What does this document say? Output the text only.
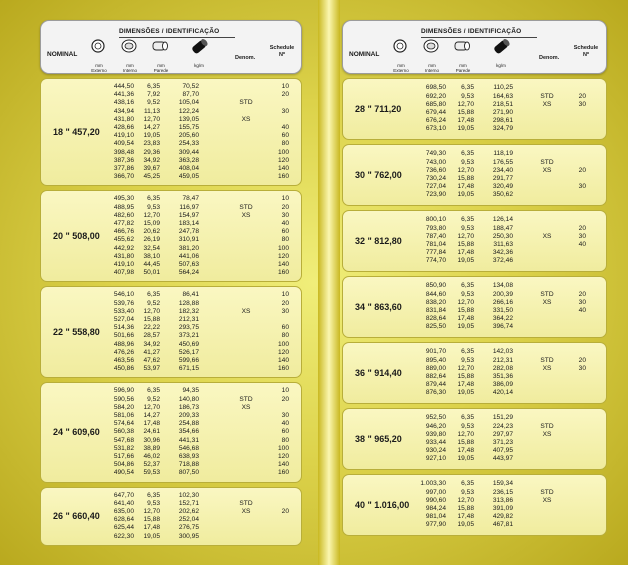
NOMINAL
DIMENSÕES / IDENTIFICAÇÃO
mm
Externo
mm
Interno
mm
Parede
kg/m
Denom.
Schedule
Nº
18 " 457,20
444,50
441,36
438,16
434,94
431,80
428,66
419,10
409,54
398,48
387,36
377,86
366,70
6,35
7,92
9,52
11,13
12,70
14,27
19,05
23,83
29,36
34,92
39,67
45,25
70,52
87,70
105,04
122,24
139,05
155,75
205,60
254,33
309,44
363,28
408,04
459,05
STD
XS
10
20
30
40
60
80
100
120
140
160
20 " 508,00
495,30
488,95
482,60
477,82
466,76
455,62
442,92
431,80
419,10
407,98
6,35
9,53
12,70
15,09
20,62
26,19
32,54
38,10
44,45
50,01
78,47
116,97
154,97
183,14
247,78
310,91
381,20
441,06
507,63
564,24
STD
XS
10
20
30
40
60
80
100
120
140
160
22 " 558,80
546,10
539,76
533,40
527,04
514,36
501,66
488,96
476,26
463,56
450,86
6,35
9,52
12,70
15,88
22,22
28,57
34,92
41,27
47,62
53,97
86,41
128,88
182,32
212,31
293,75
373,21
450,69
526,17
599,66
671,15
XS
10
20
30
60
80
100
120
140
160
24 " 609,60
596,90
590,56
584,20
581,06
574,64
560,38
547,68
531,82
517,66
504,86
490,54
6,35
9,52
12,70
14,27
17,48
24,61
30,96
38,89
46,02
52,37
59,53
94,35
140,80
186,73
209,33
254,88
354,66
441,31
546,68
638,93
718,88
807,50
STD
XS
10
20
30
40
60
80
100
120
140
160
26 " 660,40
647,70
641,40
635,00
628,64
625,44
622,30
6,35
9,53
12,70
15,88
17,48
19,05
102,30
152,71
202,62
252,04
276,75
300,95
STD
XS	20
NOMINAL
DIMENSÕES / IDENTIFICAÇÃO
mm
Externo
mm
Interno
mm
Parede
kg/m
Denom.
Schedule
Nº
28 " 711,20
698,50
692,20
685,80
679,44
676,24
673,10
6,35
9,53
12,70
15,88
17,48
19,05
110,25
164,63
218,51
271,90
298,61
324,79
STD
XS
20
30
30 " 762,00
749,30
743,00
736,60
730,24
727,04
723,90
6,35
9,53
12,70
15,88
17,48
19,05
118,19
176,55
234,40
291,77
320,49
350,62
STD
XS	20
30
32 " 812,80
800,10
793,80
787,40
781,04
777,84
774,70
6,35
9,53
12,70
15,88
17,48
19,05
126,14
188,47
250,30
311,63
342,36
372,46
XS
20
30
40
34 " 863,60
850,90
844,60
838,20
831,84
828,64
825,50
6,35
9,53
12,70
15,88
17,48
19,05
134,08
200,39
266,16
331,50
364,22
396,74
STD
XS
20
30
40
36 " 914,40
901,70
895,40
889,00
882,64
879,44
876,30
6,35
9,53
12,70
15,88
17,48
19,05
142,03
212,31
282,08
351,36
386,09
420,14
STD
XS
20
30
38 " 965,20
952,50
946,20
939,80
933,44
930,24
927,10
6,35
9,53
12,70
15,88
17,48
19,05
151,29
224,23
297,97
371,23
407,95
443,97
STD
XS
40 " 1.016,00
1.003,30
997,00
990,60
984,24
981,04
977,90
6,35
9,53
12,70
15,88
17,48
19,05
159,34
236,15
313,86
391,09
429,82
467,81
STD
XS
